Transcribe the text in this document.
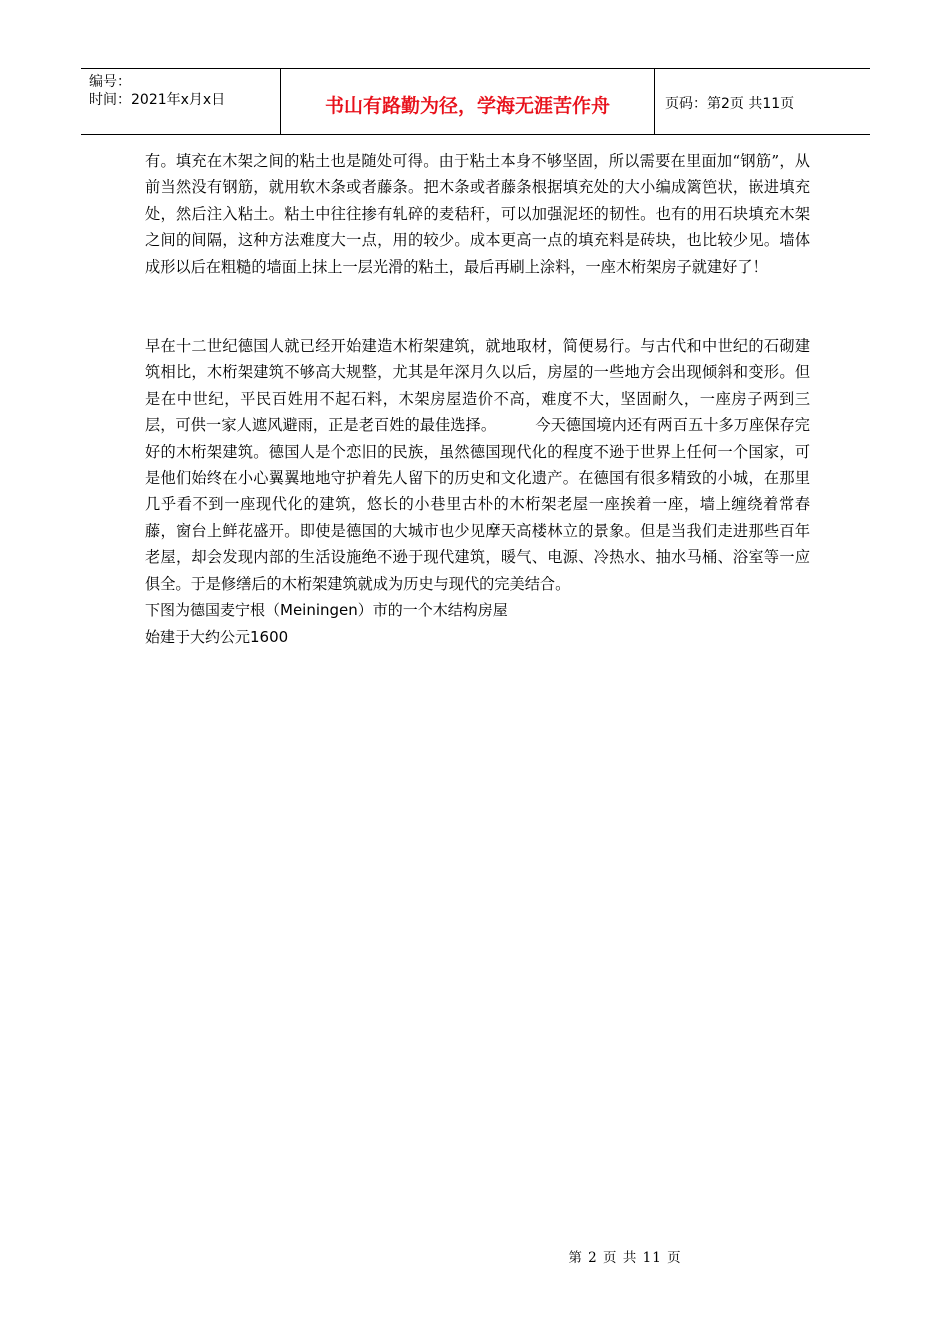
编号：
时间：2021年x月x日	书山有路勤为径，学海无涯苦作舟	页码：第2页 共11页

有。填充在木架之间的粘土也是随处可得。由于粘土本身不够坚固，所以需要在里面加“钢筋”，从前当然没有钢筋，就用软木条或者藤条。把木条或者藤条根据填充处的大小编成篱笆状，嵌进填充处，然后注入粘土。粘土中往往掺有轧碎的麦秸秆，可以加强泥坯的韧性。也有的用石块填充木架之间的间隔，这种方法难度大一点，用的较少。成本更高一点的填充料是砖块，也比较少见。墙体成形以后在粗糙的墙面上抹上一层光滑的粘土，最后再刷上涂料，一座木桁架房子就建好了！

早在十二世纪德国人就已经开始建造木桁架建筑，就地取材，简便易行。与古代和中世纪的石砌建筑相比，木桁架建筑不够高大规整，尤其是年深月久以后，房屋的一些地方会出现倾斜和变形。但是在中世纪，平民百姓用不起石料，木架房屋造价不高，难度不大，坚固耐久，一座房子两到三层，可供一家人遮风避雨，正是老百姓的最佳选择。        今天德国境内还有两百五十多万座保存完好的木桁架建筑。德国人是个恋旧的民族，虽然德国现代化的程度不逊于世界上任何一个国家，可是他们始终在小心翼翼地地守护着先人留下的历史和文化遗产。在德国有很多精致的小城，在那里几乎看不到一座现代化的建筑，悠长的小巷里古朴的木桁架老屋一座挨着一座，墙上缠绕着常春藤，窗台上鲜花盛开。即使是德国的大城市也少见摩天高楼林立的景象。但是当我们走进那些百年老屋，却会发现内部的生活设施绝不逊于现代建筑，暖气、电源、冷热水、抽水马桶、浴室等一应俱全。于是修缮后的木桁架建筑就成为历史与现代的完美结合。

下图为德国麦宁根（Meiningen）市的一个木结构房屋

始建于大约公元1600

第 2 页 共 11 页
